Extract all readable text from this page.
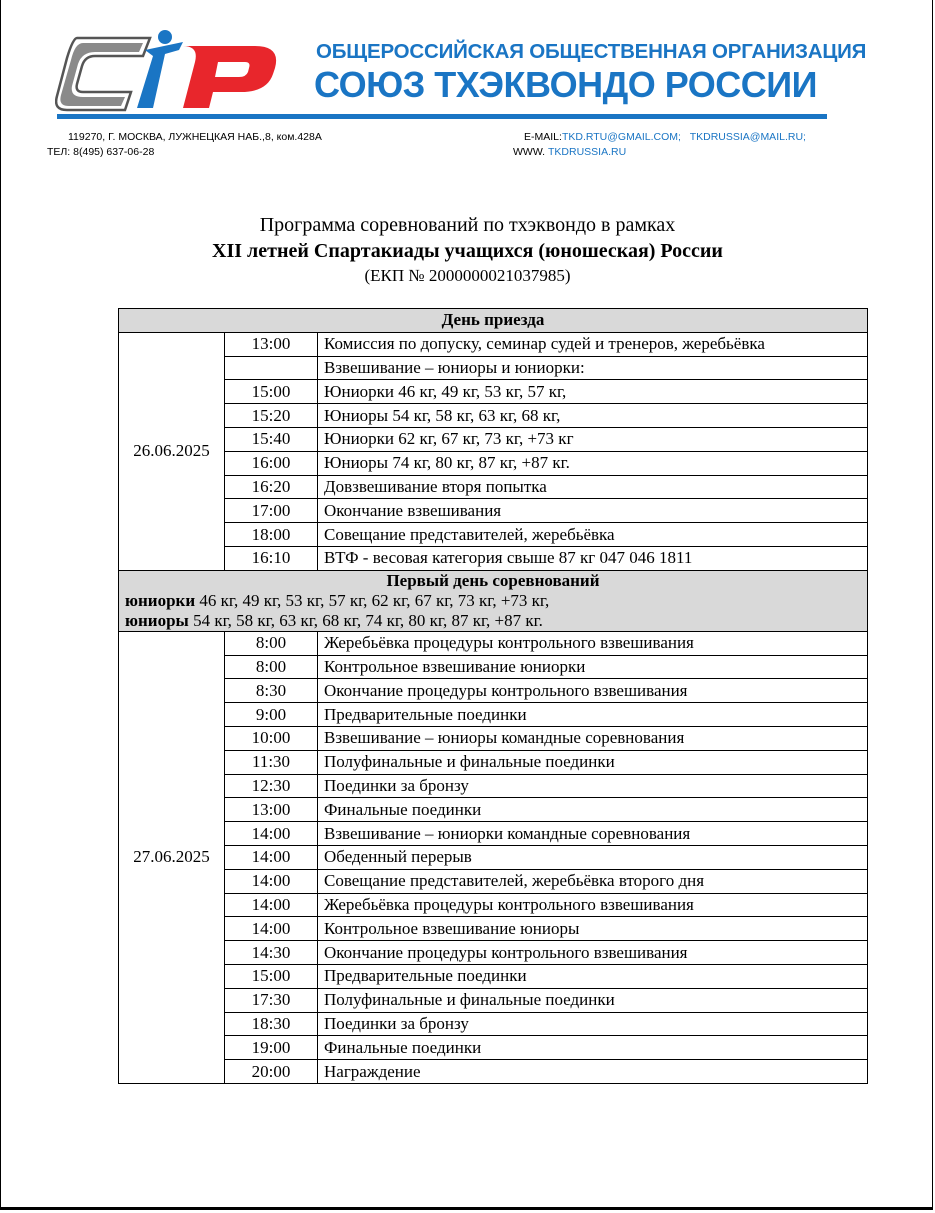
ОБЩЕРОССИЙСКАЯ ОБЩЕСТВЕННАЯ ОРГАНИЗАЦИЯ
СОЮЗ ТХЭКВОНДО РОССИИ
119270, Г. МОСКВА, ЛУЖНЕЦКАЯ НАБ.,8, ком.428А
ТЕЛ: 8(495) 637-06-28
E-MAIL:TKD.RTU@GMAIL.COM; TKDRUSSIA@MAIL.RU;
WWW. TKDRUSSIA.RU
Программа соревнований по тхэквондо в рамках
XII летней Спартакиады учащихся (юношеская) России
(ЕКП № 2000000021037985)
День приезда		
26.06.2025	13:00	Комиссия по допуску, семинар судей и тренеров, жеребьёвка
		Взвешивание – юниоры и юниорки:
	15:00	Юниорки 46 кг, 49 кг, 53 кг, 57 кг,
	15:20	Юниоры 54 кг, 58 кг, 63 кг, 68 кг,
	15:40	Юниорки 62 кг, 67 кг, 73 кг, +73 кг
	16:00	Юниоры 74 кг, 80 кг, 87 кг, +87 кг.
	16:20	Довзвешивание вторя попытка
	17:00	Окончание взвешивания
	18:00	Совещание представителей, жеребьёвка
	16:10	ВТФ - весовая категория свыше 87 кг 047 046 1811

Первый день соревнований
юниорки 46 кг, 49 кг, 53 кг, 57 кг, 62 кг, 67 кг, 73 кг, +73 кг,
юниоры 54 кг, 58 кг, 63 кг, 68 кг, 74 кг, 80 кг, 87 кг, +87 кг.		

27.06.2025	8:00	Жеребьёвка процедуры контрольного взвешивания
	8:00	Контрольное взвешивание юниорки
	8:30	Окончание процедуры контрольного взвешивания
	9:00	Предварительные поединки
	10:00	Взвешивание – юниоры командные соревнования
	11:30	Полуфинальные и финальные поединки
	12:30	Поединки за бронзу
	13:00	Финальные поединки
	14:00	Взвешивание – юниорки командные соревнования
	14:00	Обеденный перерыв
	14:00	Совещание представителей, жеребьёвка второго дня
	14:00	Жеребьёвка процедуры контрольного взвешивания
	14:00	Контрольное взвешивание юниоры
	14:30	Окончание процедуры контрольного взвешивания
	15:00	Предварительные поединки
	17:30	Полуфинальные и финальные поединки
	18:30	Поединки за бронзу
	19:00	Финальные поединки
	20:00	Награждение
